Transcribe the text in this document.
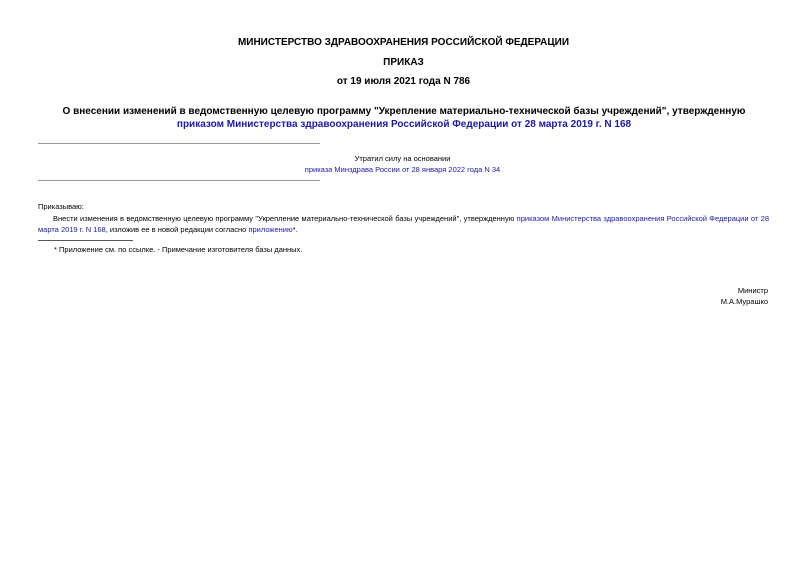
МИНИСТЕРСТВО ЗДРАВООХРАНЕНИЯ РОССИЙСКОЙ ФЕДЕРАЦИИ
ПРИКАЗ
от 19 июля 2021 года N 786
О внесении изменений в ведомственную целевую программу "Укрепление материально-технической базы учреждений", утвержденную приказом Министерства здравоохранения Российской Федерации от 28 марта 2019 г. N 168
Утратил силу на основании
приказа Минздрава России от 28 января 2022 года N 34
Приказываю:
Внести изменения в ведомственную целевую программу "Укрепление материально-технической базы учреждений", утвержденную приказом Министерства здравоохранения Российской Федерации от 28 марта 2019 г. N 168, изложив ее в новой редакции согласно приложению*.
* Приложение см. по ссылке. - Примечание изготовителя базы данных.
Министр
М.А.Мурашко
